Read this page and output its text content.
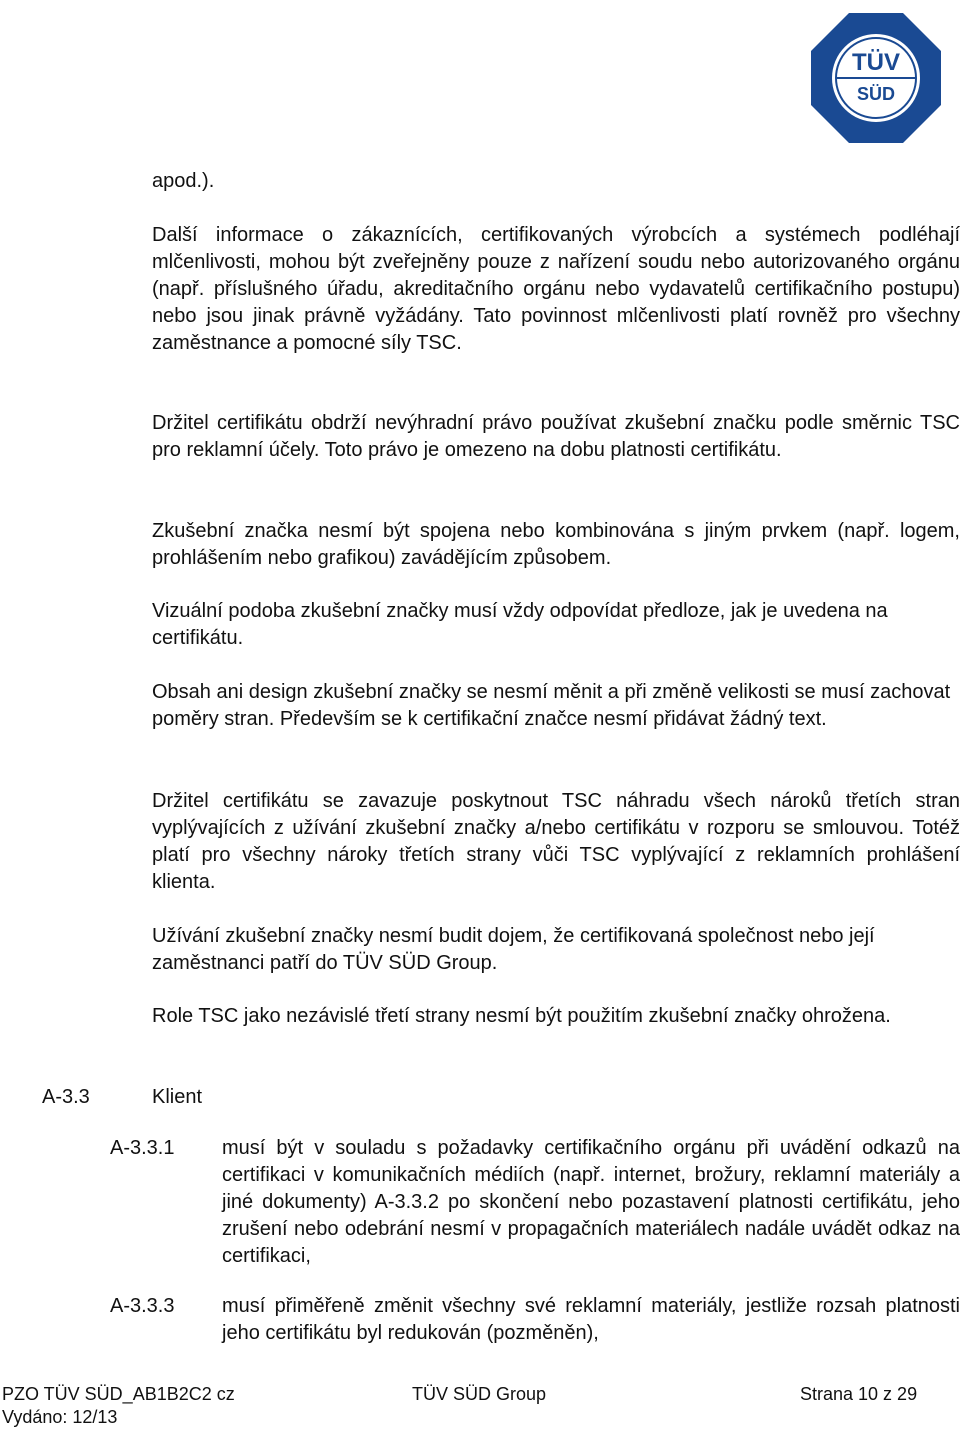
TÜV
SÜD

apod.).

Další informace o zákaznících, certifikovaných výrobcích a systémech podléhají mlčenlivosti, mohou být zveřejněny pouze z nařízení soudu nebo autorizovaného orgánu (např. příslušného úřadu, akreditačního orgánu nebo vydavatelů certifikačního postupu) nebo jsou jinak právně vyžádány. Tato povinnost mlčenlivosti platí rovněž pro všechny zaměstnance a pomocné síly TSC.

Držitel certifikátu obdrží nevýhradní právo používat zkušební značku podle směrnic TSC pro reklamní účely. Toto právo je omezeno na dobu platnosti certifikátu.

Zkušební značka nesmí být spojena nebo kombinována s jiným prvkem (např. logem, prohlášením nebo grafikou) zavádějícím způsobem.

Vizuální podoba zkušební značky musí vždy odpovídat předloze, jak je uvedena na certifikátu.

Obsah ani design zkušební značky se nesmí měnit a při změně velikosti se musí zachovat poměry stran. Především se k certifikační značce nesmí přidávat žádný text.

Držitel certifikátu se zavazuje poskytnout TSC náhradu všech nároků třetích stran vyplývajících z užívání zkušební značky a/nebo certifikátu v rozporu se smlouvou. Totéž platí pro všechny nároky třetích strany vůči TSC vyplývající z reklamních prohlášení klienta.

Užívání zkušební značky nesmí budit dojem, že certifikovaná společnost nebo její zaměstnanci patří do TÜV SÜD Group.

Role TSC jako nezávislé třetí strany nesmí být použitím zkušební značky ohrožena.

A-3.3	Klient
A-3.3.1 musí být v souladu s požadavky certifikačního orgánu při uvádění odkazů na certifikaci v komunikačních médiích (např. internet, brožury, reklamní materiály a jiné dokumenty) A-3.3.2 po skončení nebo pozastavení platnosti certifikátu, jeho zrušení nebo odebrání nesmí v propagačních materiálech nadále uvádět odkaz na certifikaci,

A-3.3.3 musí přiměřeně změnit všechny své reklamní materiály, jestliže rozsah platnosti jeho certifikátu byl redukován (pozměněn),

PZO TÜV SÜD_AB1B2C2 cz	TÜV SÜD Group	Strana 10 z 29
Vydáno: 12/13
